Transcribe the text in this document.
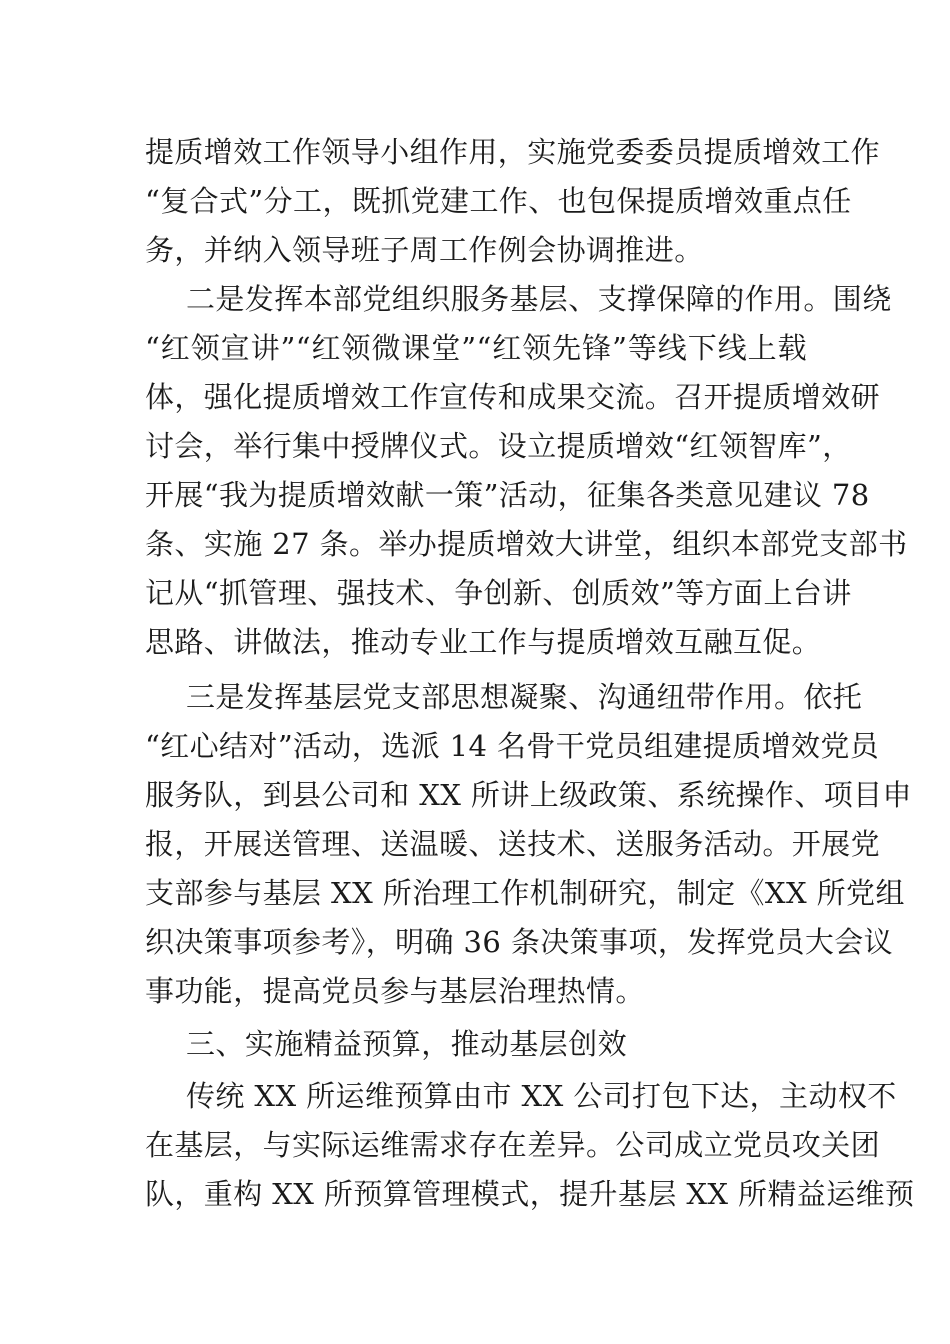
提质增效工作领导小组作用，实施党委委员提质增效工作
“复合式”分工，既抓党建工作、也包保提质增效重点任
务，并纳入领导班子周工作例会协调推进。
二是发挥本部党组织服务基层、支撑保障的作用。围绕
“红领宣讲”“红领微课堂”“红领先锋”等线下线上载
体，强化提质增效工作宣传和成果交流。召开提质增效研
讨会，举行集中授牌仪式。设立提质增效“红领智库”，
开展“我为提质增效献一策”活动，征集各类意见建议 78
条、实施 27 条。举办提质增效大讲堂，组织本部党支部书
记从“抓管理、强技术、争创新、创质效”等方面上台讲
思路、讲做法，推动专业工作与提质增效互融互促。
三是发挥基层党支部思想凝聚、沟通纽带作用。依托
“红心结对”活动，选派 14 名骨干党员组建提质增效党员
服务队，到县公司和 XX 所讲上级政策、系统操作、项目申
报，开展送管理、送温暖、送技术、送服务活动。开展党
支部参与基层 XX 所治理工作机制研究，制定《XX 所党组
织决策事项参考》，明确 36 条决策事项，发挥党员大会议
事功能，提高党员参与基层治理热情。
三、实施精益预算，推动基层创效
传统 XX 所运维预算由市 XX 公司打包下达，主动权不
在基层，与实际运维需求存在差异。公司成立党员攻关团
队，重构 XX 所预算管理模式，提升基层 XX 所精益运维预
